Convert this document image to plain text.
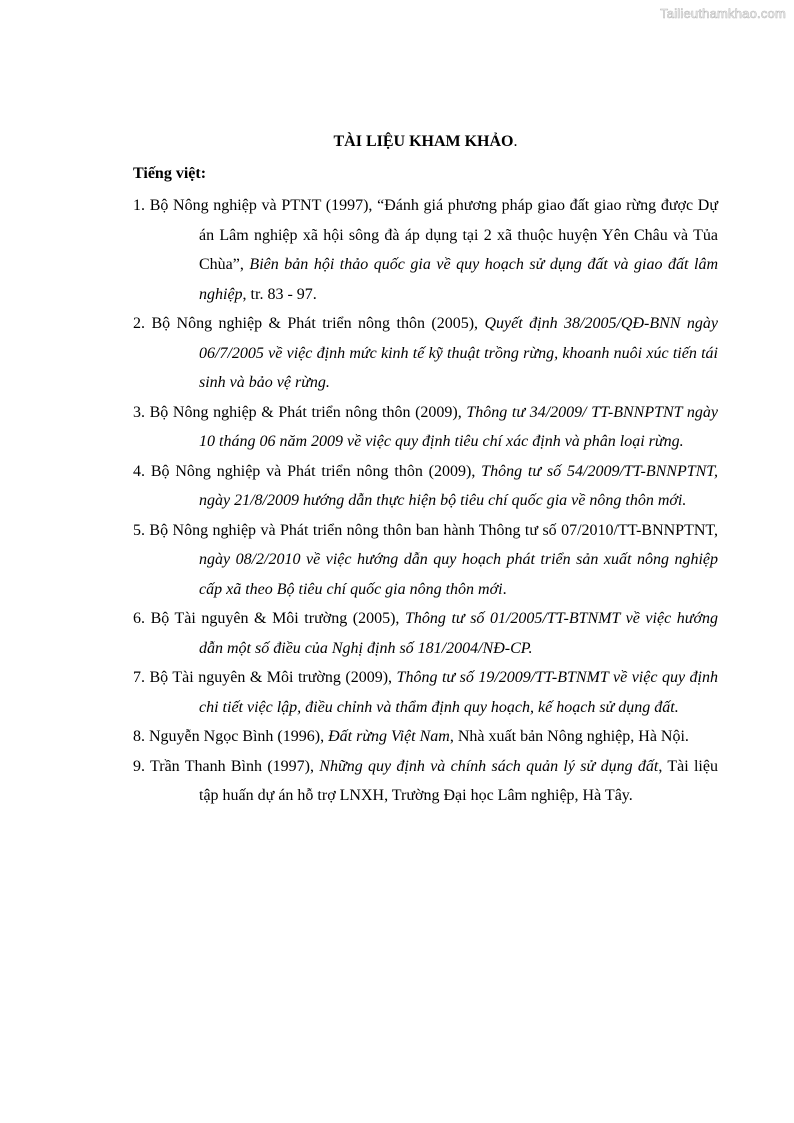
Tailieuthamkhao.com
TÀI LIỆU KHAM KHẢO.
Tiếng việt:
1. Bộ Nông nghiệp và PTNT (1997), “Đánh giá phương pháp giao đất giao rừng được Dự án Lâm nghiệp xã hội sông đà áp dụng tại 2 xã thuộc huyện Yên Châu và Tủa Chùa”, Biên bản hội thảo quốc gia về quy hoạch sử dụng đất và giao đất lâm nghiệp, tr. 83 - 97.
2. Bộ Nông nghiệp & Phát triển nông thôn (2005), Quyết định 38/2005/QĐ-BNN ngày 06/7/2005 về việc định mức kinh tế kỹ thuật trồng rừng, khoanh nuôi xúc tiến tái sinh và bảo vệ rừng.
3. Bộ Nông nghiệp & Phát triển nông thôn (2009), Thông tư 34/2009/ TT-BNNPTNT ngày 10 tháng 06 năm 2009 về việc quy định tiêu chí xác định và phân loại rừng.
4. Bộ Nông nghiệp và Phát triển nông thôn (2009), Thông tư số 54/2009/TT-BNNPTNT, ngày 21/8/2009 hướng dẫn thực hiện bộ tiêu chí quốc gia về nông thôn mới.
5. Bộ Nông nghiệp và Phát triển nông thôn ban hành Thông tư số 07/2010/TT-BNNPTNT, ngày 08/2/2010 về việc hướng dẫn quy hoạch phát triển sản xuất nông nghiệp cấp xã theo Bộ tiêu chí quốc gia nông thôn mới.
6. Bộ Tài nguyên & Môi trường (2005), Thông tư số 01/2005/TT-BTNMT về việc hướng dẫn một số điều của Nghị định số 181/2004/NĐ-CP.
7. Bộ Tài nguyên & Môi trường (2009), Thông tư số 19/2009/TT-BTNMT về việc quy định chi tiết việc lập, điều chỉnh và thẩm định quy hoạch, kế hoạch sử dụng đất.
8. Nguyễn Ngọc Bình (1996), Đất rừng Việt Nam, Nhà xuất bản Nông nghiệp, Hà Nội.
9. Trần Thanh Bình (1997), Những quy định và chính sách quản lý sử dụng đất, Tài liệu tập huấn dự án hỗ trợ LNXH, Trường Đại học Lâm nghiệp, Hà Tây.
